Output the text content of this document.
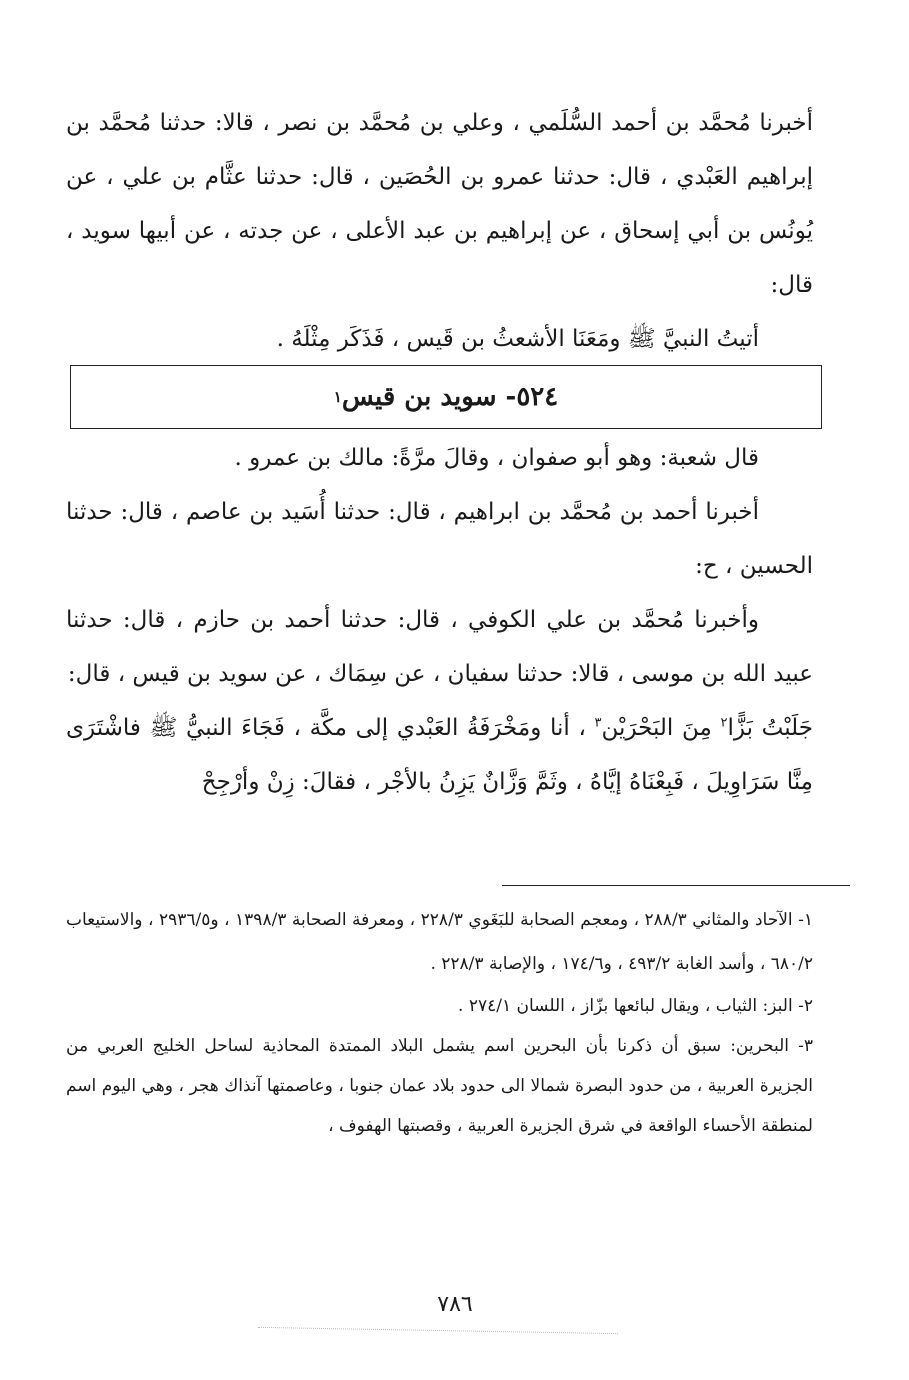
أخبرنا مُحمَّد بن أحمد السُّلَمي ، وعلي بن مُحمَّد بن نصر ، قالا: حدثنا مُحمَّد بن إبراهيم العَبْدي ، قال: حدثنا عمرو بن الحُصَين ، قال: حدثنا عثَّام بن علي ، عن يُونُس بن أبي إسحاق ، عن إبراهيم بن عبد الأعلى ، عن جدته ، عن أبيها سويد ، قال:

أتيتُ النبيَّ ﷺ ومَعَنَا الأشعثُ بن قَيس ، فَذَكَر مِثْلَهُ .

٥٢٤- سويد بن قيس
١

قال شعبة: وهو أبو صفوان ، وقالَ مرَّةً: مالك بن عمرو .

أخبرنا أحمد بن مُحمَّد بن ابراهيم ، قال: حدثنا أُسَيد بن عاصم ، قال: حدثنا الحسين ، ح:

وأخبرنا مُحمَّد بن علي الكوفي ، قال: حدثنا أحمد بن حازم ، قال: حدثنا عبيد الله بن موسى ، قالا: حدثنا سفيان ، عن سِمَاك ، عن سويد بن قيس ، قال:

جَلَبْتُ بَزًّا$^٢$ مِنَ البَحْرَيْن$^٣$ ، أنا ومَخْرَفَةُ العَبْدي إلى مكَّة ، فَجَاءَ النبيُّ ﷺ فاشْتَرَى مِنَّا سَرَاوِيلَ ، فَبِعْنَاهُ إيَّاهُ ، وثَمَّ وَزَّانٌ يَزِنُ بالأجْر ، فقالَ: زِنْ وأرْجِحْ

١- الآحاد والمثاني ٢٨٨/٣ ، ومعجم الصحابة للبَغَوي ٢٢٨/٣ ، ومعرفة الصحابة ١٣٩٨/٣ ، و٢٩٣٦/٥ ، والاستيعاب ٦٨٠/٢ ، وأسد الغابة ٤٩٣/٢ ، و١٧٤/٦ ، والإصابة ٢٢٨/٣ .

٢- البز: الثياب ، ويقال لبائعها بزّاز ، اللسان ٢٧٤/١ .

٣- البحرين: سبق أن ذكرنا بأن البحرين اسم يشمل البلاد الممتدة المحاذية لساحل الخليج العربي من الجزيرة العربية ، من حدود البصرة شمالا الى حدود بلاد عمان جنوبا ، وعاصمتها آنذاك هجر ، وهي اليوم اسم لمنطقة الأحساء الواقعة في شرق الجزيرة العربية ، وقصبتها الهفوف ،

٧٨٦
